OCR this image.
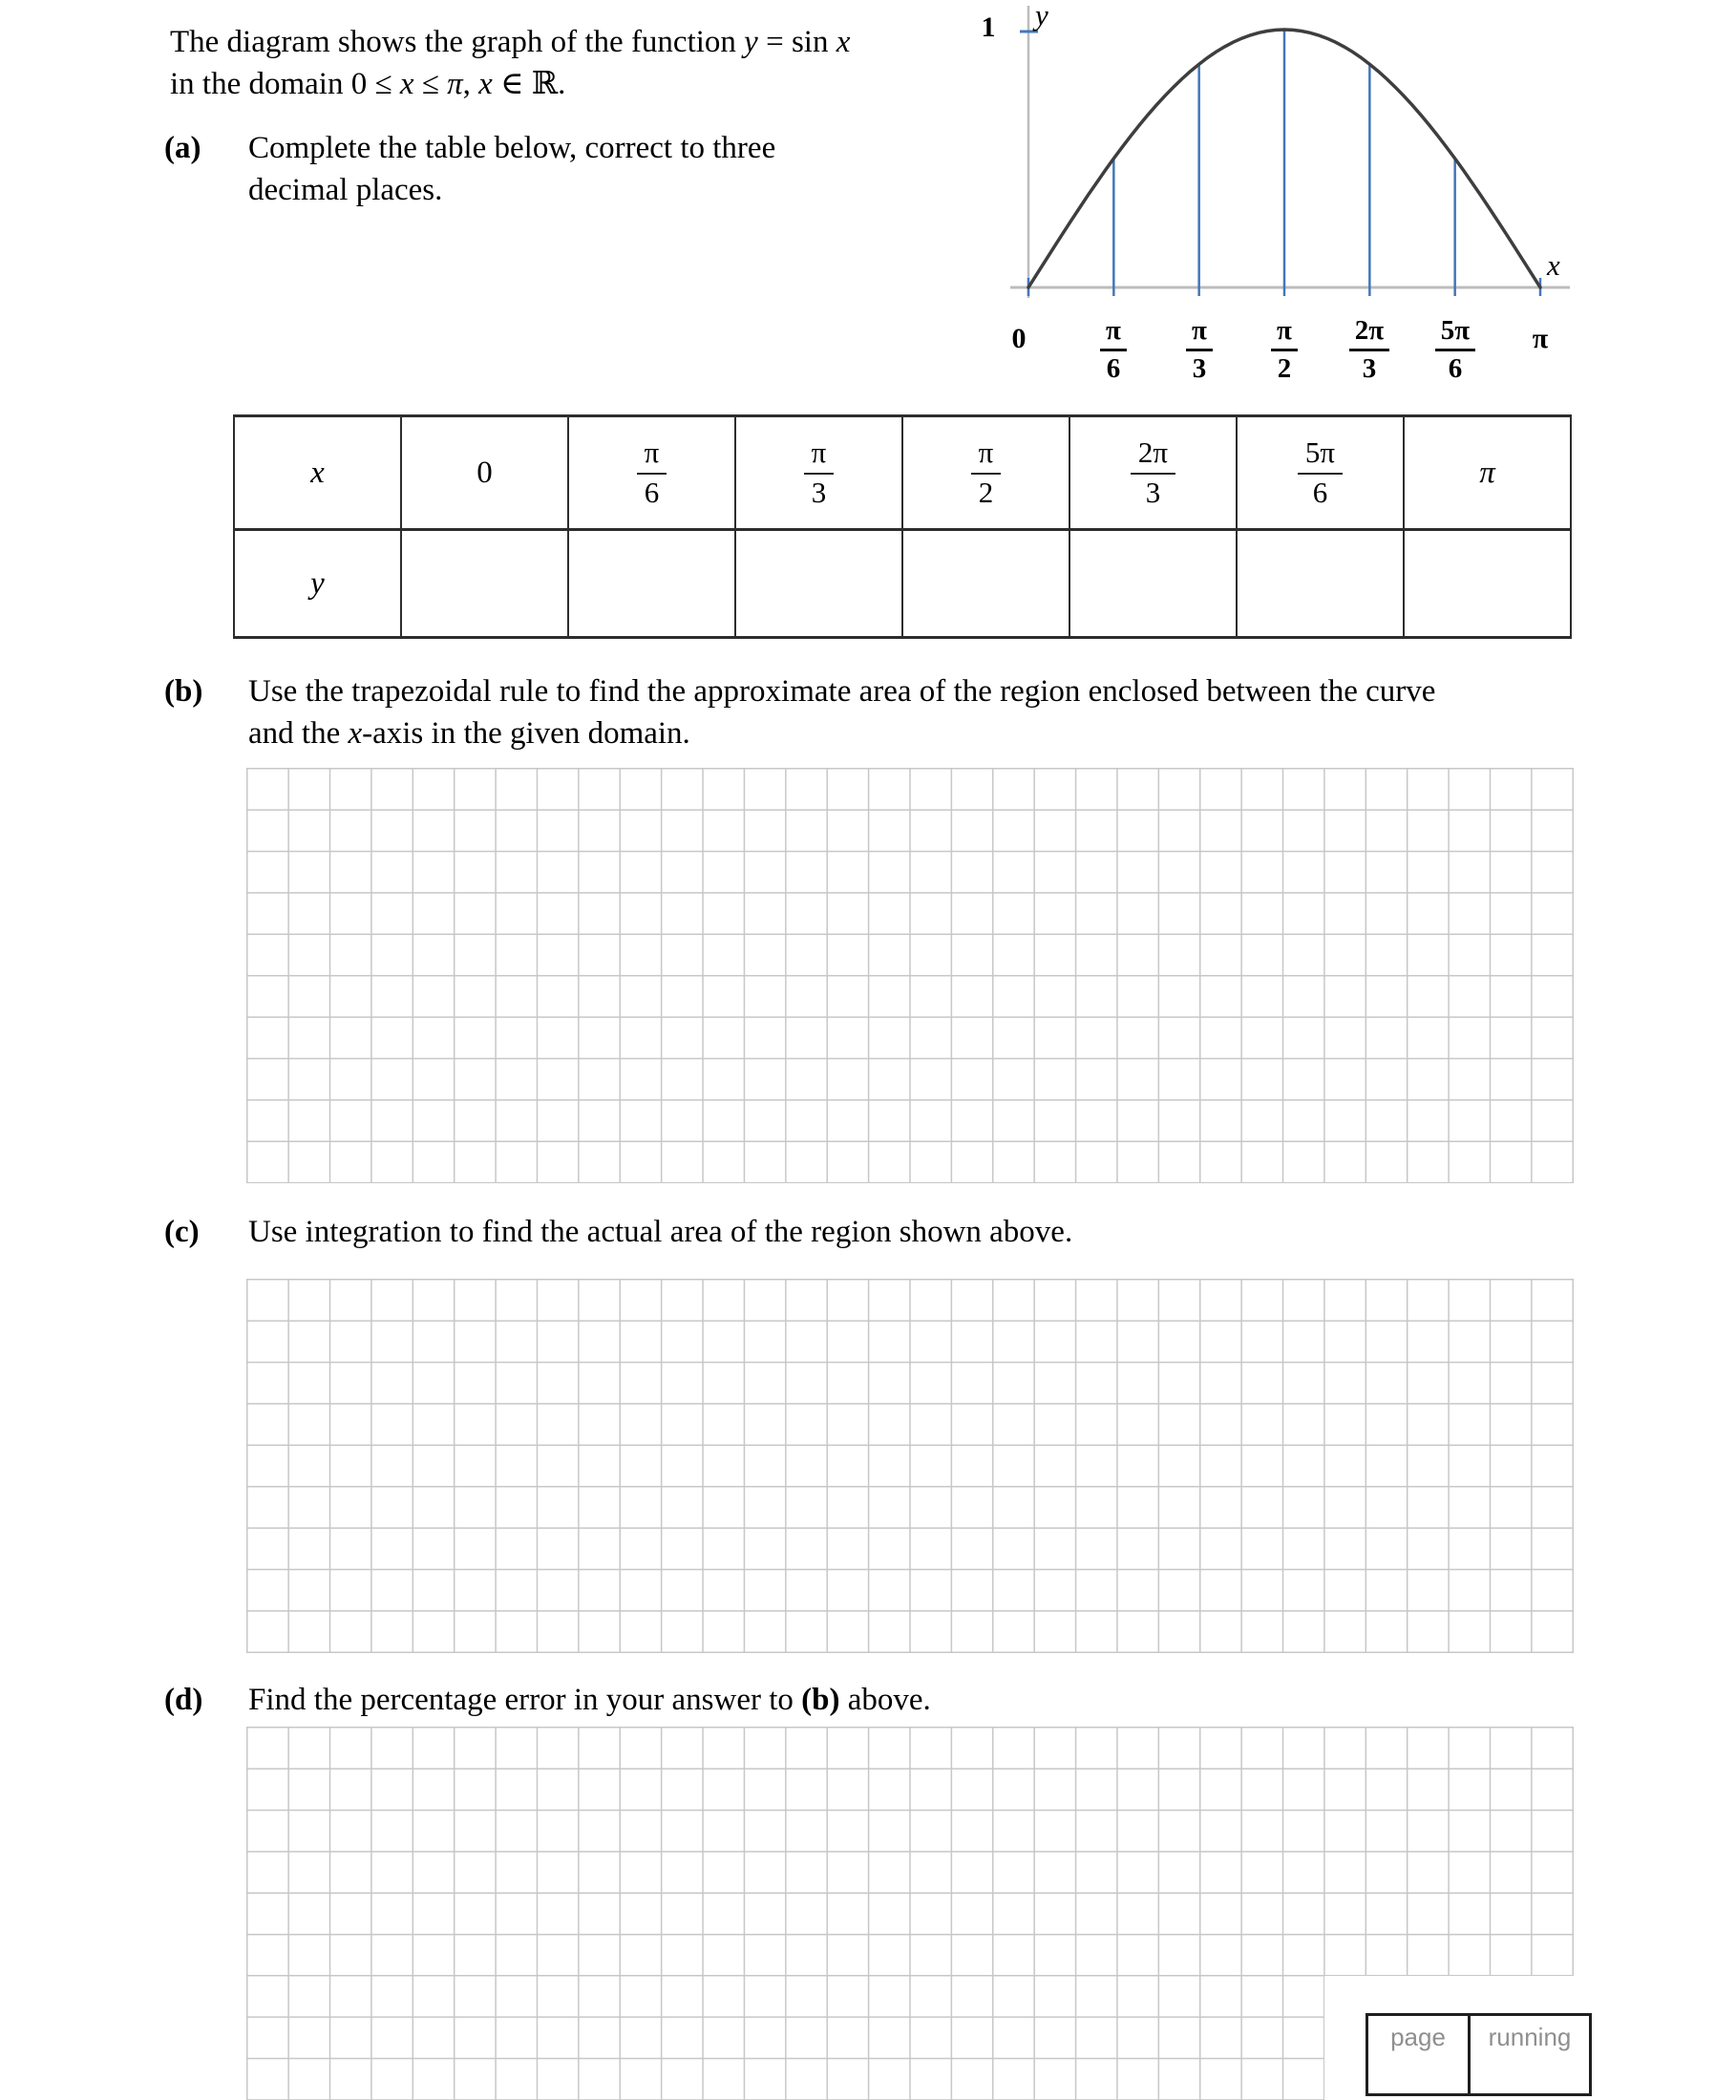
The diagram shows the graph of the function y = sin x
in the domain 0 ≤ x ≤ π, x ∈ ℝ.
(a)	Complete the table below, correct to three
decimal places.
1 y
x
0	π
6
π
3
π
2
2π
3
5π
6
π
x	0	$\frac{\pi}{6}$	$\frac{\pi}{3}$	$\frac{\pi}{2}$	$\frac{2\pi}{3}$	$\frac{5\pi}{6}$	π
y							
(b)	Use the trapezoidal rule to find the approximate area of the region enclosed between the curve
and the x-axis in the given domain.
(c)	Use integration to find the actual area of the region shown above.
(d)	Find the percentage error in your answer to (b) above.
page	running
